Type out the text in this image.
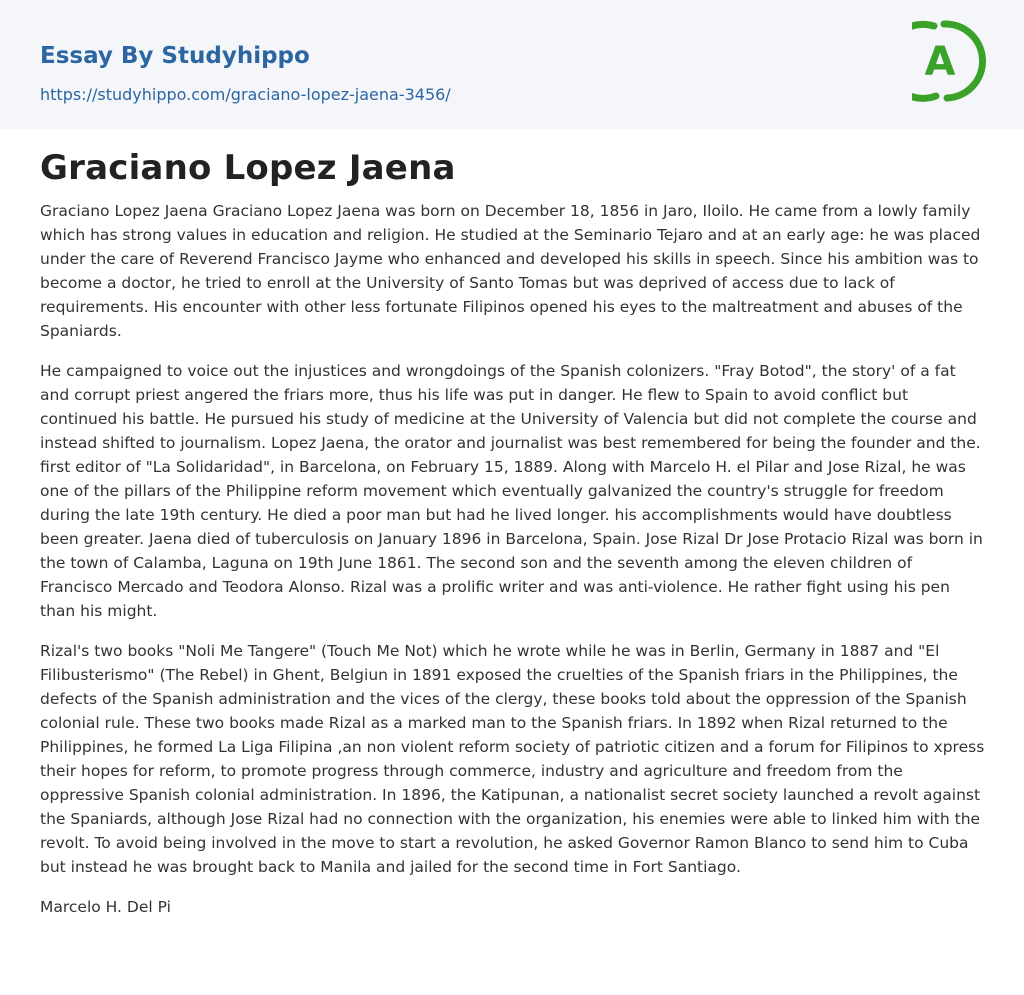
Essay By Studyhippo
https://studyhippo.com/graciano-lopez-jaena-3456/
A
Graciano Lopez Jaena

Graciano Lopez Jaena Graciano Lopez Jaena was born on December 18, 1856 in Jaro, Iloilo. He came from a lowly family which has strong values in education and religion. He studied at the Seminario Tejaro and at an early age: he was placed under the care of Reverend Francisco Jayme who enhanced and developed his skills in speech. Since his ambition was to become a doctor, he tried to enroll at the University of Santo Tomas but was deprived of access due to lack of requirements. His encounter with other less fortunate Filipinos opened his eyes to the maltreatment and abuses of the Spaniards.

He campaigned to voice out the injustices and wrongdoings of the Spanish colonizers. "Fray Botod", the story' of a fat and corrupt priest angered the friars more, thus his life was put in danger. He flew to Spain to avoid conflict but continued his battle. He pursued his study of medicine at the University of Valencia but did not complete the course and instead shifted to journalism. Lopez Jaena, the orator and journalist was best remembered for being the founder and the. first editor of "La Solidaridad", in Barcelona, on February 15, 1889. Along with Marcelo H. el Pilar and Jose Rizal, he was one of the pillars of the Philippine reform movement which eventually galvanized the country's struggle for freedom during the late 19th century. He died a poor man but had he lived longer. his accomplishments would have doubtless been greater. Jaena died of tuberculosis on January 1896 in Barcelona, Spain. Jose Rizal Dr Jose Protacio Rizal was born in the town of Calamba, Laguna on 19th June 1861. The second son and the seventh among the eleven children of Francisco Mercado and Teodora Alonso. Rizal was a prolific writer and was anti-violence. He rather fight using his pen than his might.

Rizal's two books "Noli Me Tangere" (Touch Me Not) which he wrote while he was in Berlin, Germany in 1887 and "El Filibusterismo" (The Rebel) in Ghent, Belgiun in 1891 exposed the cruelties of the Spanish friars in the Philippines, the defects of the Spanish administration and the vices of the clergy, these books told about the oppression of the Spanish colonial rule. These two books made Rizal as a marked man to the Spanish friars. In 1892 when Rizal returned to the Philippines, he formed La Liga Filipina ,an non violent reform society of patriotic citizen and a forum for Filipinos to xpress their hopes for reform, to promote progress through commerce, industry and agriculture and freedom from the oppressive Spanish colonial administration. In 1896, the Katipunan, a nationalist secret society launched a revolt against the Spaniards, although Jose Rizal had no connection with the organization, his enemies were able to linked him with the revolt. To avoid being involved in the move to start a revolution, he asked Governor Ramon Blanco to send him to Cuba but instead he was brought back to Manila and jailed for the second time in Fort Santiago.

Marcelo H. Del Pi
